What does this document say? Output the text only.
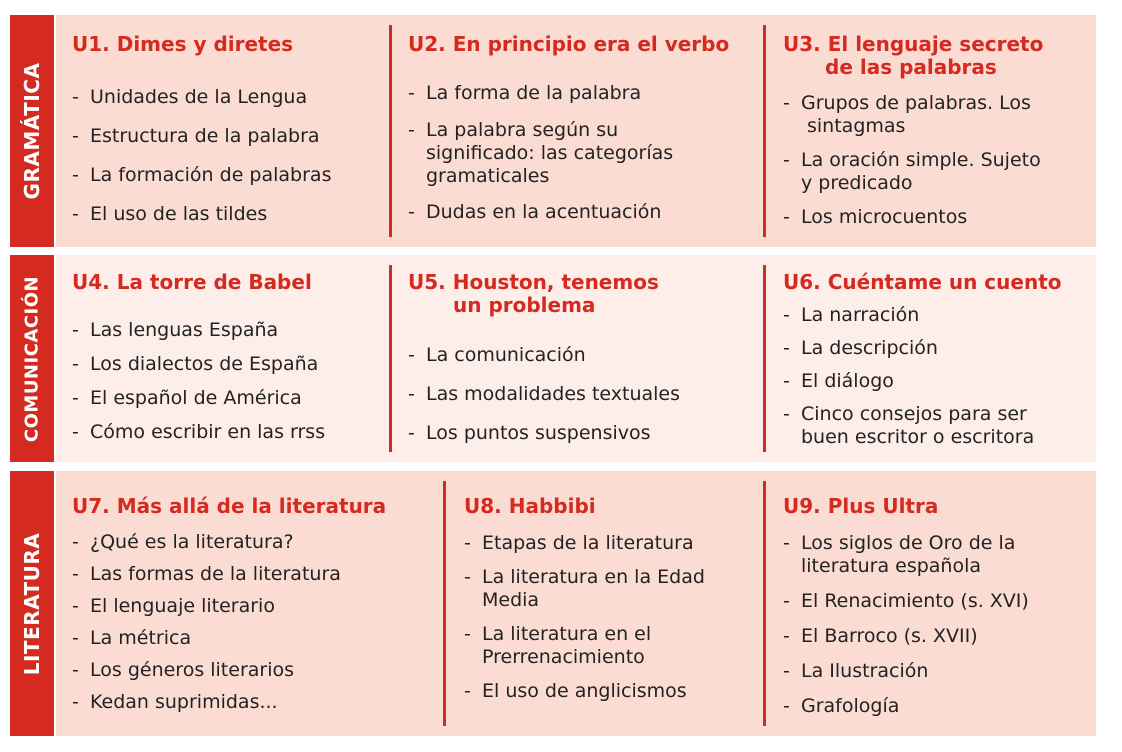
GRAMÁTICA
U1. Dimes y diretes
- Unidades de la Lengua
- Estructura de la palabra
- La formación de palabras
- El uso de las tildes
U2. En principio era el verbo
- La forma de la palabra
- La palabra según su
significado: las categorías
gramaticales
- Dudas en la acentuación
U3. El lenguaje secreto
de las palabras
- Grupos de palabras. Los
sintagmas
- La oración simple. Sujeto
y predicado
- Los microcuentos
COMUNICACIÓN U4. La torre de Babel
- Las lenguas España
- Los dialectos de España
- El español de América
- Cómo escribir en las rrss
U5. Houston, tenemos
un problema
- La comunicación
- Las modalidades textuales
- Los puntos suspensivos
U6. Cuéntame un cuento
- La narración
- La descripción
- El diálogo
- Cinco consejos para ser
buen escritor o escritora
LITERATURA
U7. Más allá de la literatura
- ¿Qué es la literatura?
- Las formas de la literatura
- El lenguaje literario
- La métrica
- Los géneros literarios
- Kedan suprimidas...
U8. Habbibi
- Etapas de la literatura
- La literatura en la Edad
Media
- La literatura en el
Prerrenacimiento
- El uso de anglicismos
U9. Plus Ultra
- Los siglos de Oro de la
literatura española
- El Renacimiento (s. XVI)
- El Barroco (s. XVII)
- La Ilustración
- Grafología
